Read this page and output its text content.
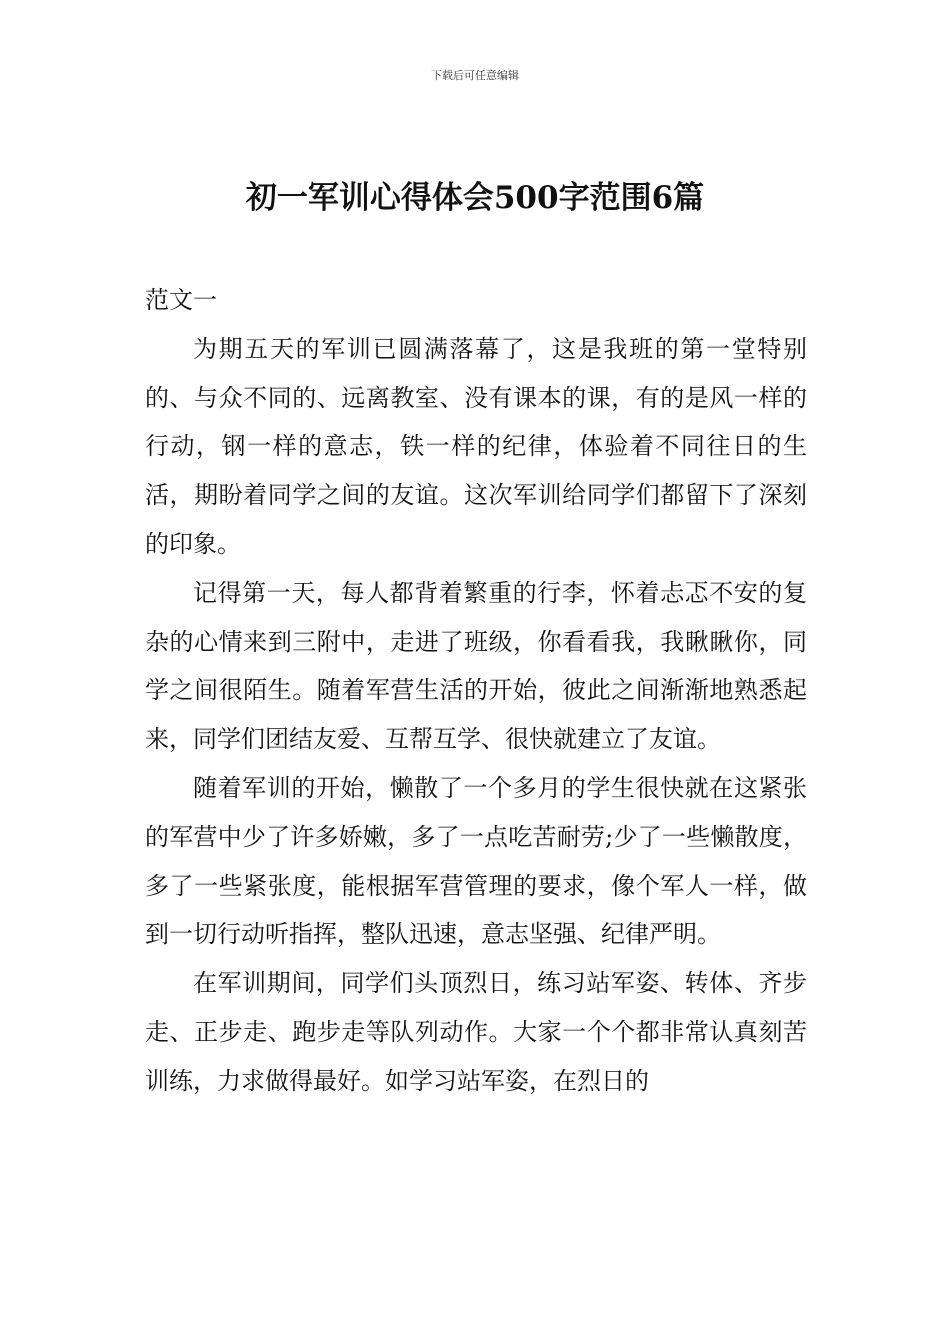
下载后可任意编辑
初一军训心得体会500字范围6篇

范文一

为期五天的军训已圆满落幕了，这是我班的第一堂特别的、与众不同的、远离教室、没有课本的课，有的是风一样的行动，钢一样的意志，铁一样的纪律，体验着不同往日的生活，期盼着同学之间的友谊。这次军训给同学们都留下了深刻的印象。

记得第一天，每人都背着繁重的行李，怀着忐忑不安的复杂的心情来到三附中，走进了班级，你看看我，我瞅瞅你，同学之间很陌生。随着军营生活的开始，彼此之间渐渐地熟悉起来，同学们团结友爱、互帮互学、很快就建立了友谊。

随着军训的开始，懒散了一个多月的学生很快就在这紧张的军营中少了许多娇嫩，多了一点吃苦耐劳;少了一些懒散度，多了一些紧张度，能根据军营管理的要求，像个军人一样，做到一切行动听指挥，整队迅速，意志坚强、纪律严明。

在军训期间，同学们头顶烈日，练习站军姿、转体、齐步走、正步走、跑步走等队列动作。大家一个个都非常认真刻苦训练，力求做得最好。如学习站军姿，在烈日的
